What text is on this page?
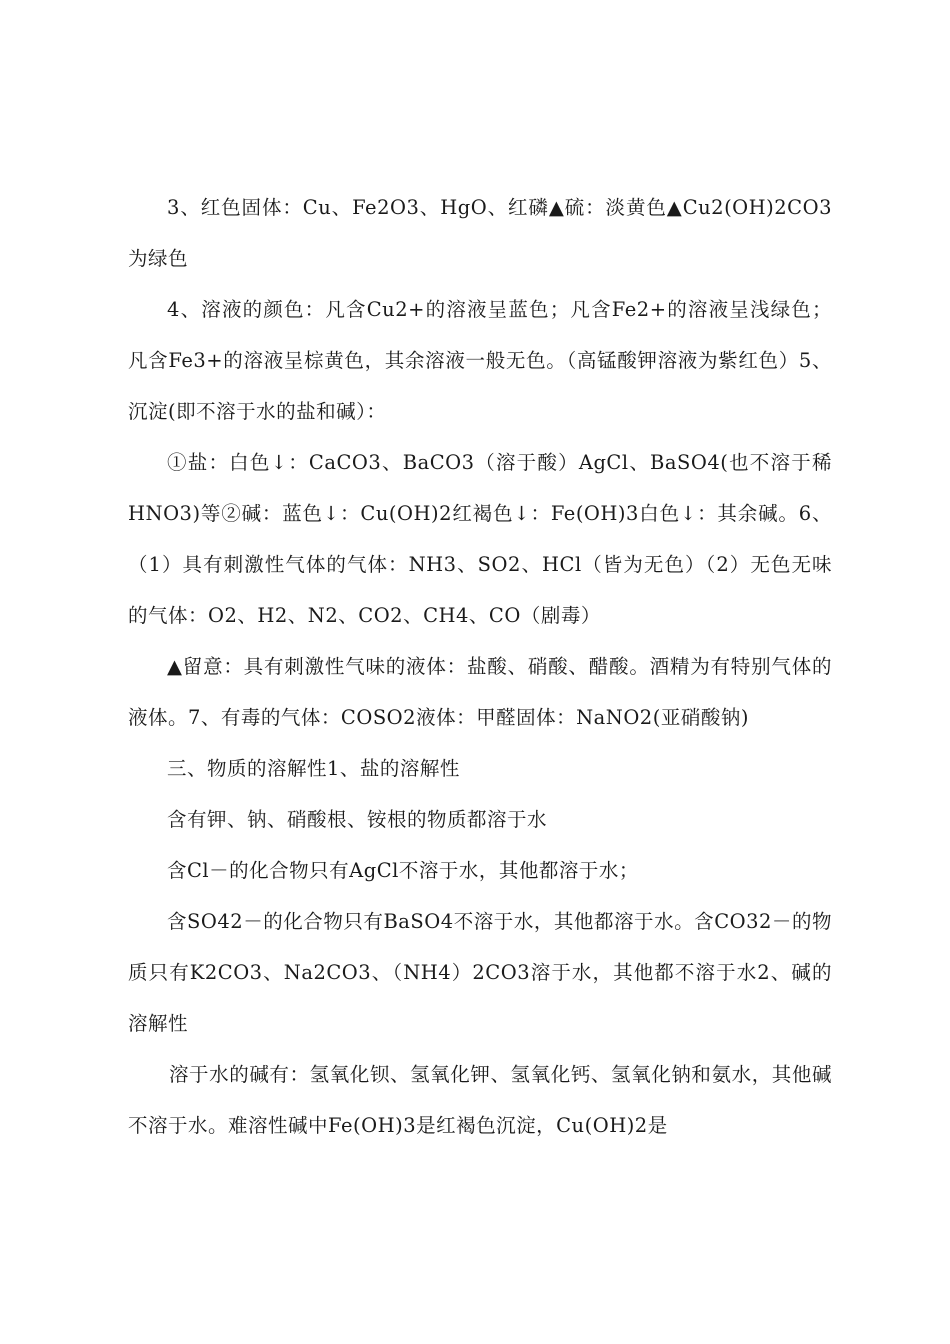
3、红色固体：Cu、Fe2O3、HgO、红磷▲硫：淡黄色▲Cu2(OH)2CO3为绿色

4、溶液的颜色：凡含Cu2+的溶液呈蓝色；凡含Fe2+的溶液呈浅绿色；凡含Fe3+的溶液呈棕黄色，其余溶液一般无色。（高锰酸钾溶液为紫红色）5、沉淀(即不溶于水的盐和碱）：

①盐：白色↓：CaCO3、BaCO3（溶于酸）AgCl、BaSO4(也不溶于稀HNO3)等②碱：蓝色↓：Cu(OH)2红褐色↓：Fe(OH)3白色↓：其余碱。6、（1）具有刺激性气体的气体：NH3、SO2、HCl（皆为无色）（2）无色无味的气体：O2、H2、N2、CO2、CH4、CO（剧毒）

▲留意：具有刺激性气味的液体：盐酸、硝酸、醋酸。酒精为有特别气体的液体。7、有毒的气体：COSO2液体：甲醛固体：NaNO2(亚硝酸钠)

三、物质的溶解性1、盐的溶解性

含有钾、钠、硝酸根、铵根的物质都溶于水

含Cl－的化合物只有AgCl不溶于水，其他都溶于水；

含SO42－的化合物只有BaSO4不溶于水，其他都溶于水。含CO32－的物质只有K2CO3、Na2CO3、（NH4）2CO3溶于水，其他都不溶于水2、碱的溶解性

溶于水的碱有：氢氧化钡、氢氧化钾、氢氧化钙、氢氧化钠和氨水，其他碱不溶于水。难溶性碱中Fe(OH)3是红褐色沉淀，Cu(OH)2是
